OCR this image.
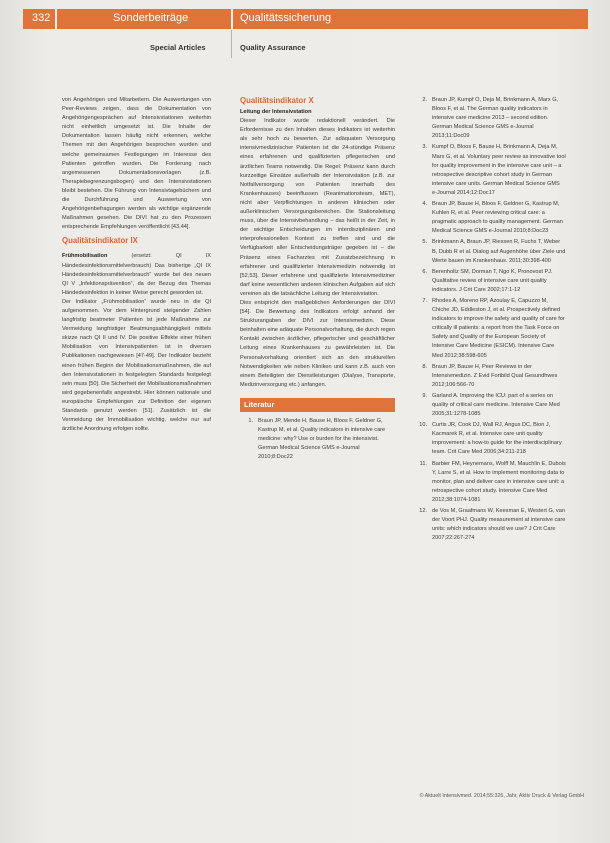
332	Sonderbeiträge	Qualitätssicherung
Special Articles	Quality Assurance

von Angehörigen und Mitarbeitern. Die Auswertungen von Peer-Reviews zeigen, dass die Dokumentation von Angehörigengesprächen auf Intensivstationen weiterhin nicht einheitlich umgesetzt ist. Die Inhalte der Dokumentation lassen häufig nicht erkennen, welche Themen mit den Angehörigen besprochen wurden und welche gemeinsamen Festlegungen im Interesse des Patienten getroffen wurden. Die Forderung nach angemessenen Dokumentationsvorlagen (z.B. Therapiebegrenzungsbogen) und den Intensivstationen bleibt bestehen. Die Führung von Intensivtagebüchern und die Durchführung und Auswertung von Angehörigenbefragungen werden als wichtige ergänzende Maßnahmen gesehen. Die DIVI hat zu den Prozessen entsprechende Empfehlungen veröffentlicht [43,44].

Qualitätsindikator IX

Frühmobilisation (ersetzt: QI IX Händedesinfektionsmittelverbrauch) Das bisherige „QI IX Händedesinfektionsmittelverbrauch“ wurde bei des neuen QI V „Infektionsprävention“, da der Bezug des Themas Händedesinfektion in keiner Weise gerecht geworden ist.

Der Indikator „Frühmobilisation“ wurde neu in die QI aufgenommen. Vor dem Hintergrund steigender Zahlen langfristig beatmeter Patienten ist jede Maßnahme zur Vermeidung langfristiger Beatmungsabhängigkeit mittels skizze nach QI II und IV. Die positive Effekte einer frühen Mobilisation von Intensivpatienten ist in diversen Publikationen nachgewiesen [47-49]. Der Indikator bezieht einen frühen Beginn der Mobilisationsmaßnahmen, die auf den Intensivstationen in festgelegten Standards festgelegt sein muss [50]. Die Sicherheit der Mobilisationsmaßnahmen wird gegebenenfalls angestrebt. Hier können nationale und europäische Empfehlungen zur Definition der eigenen Standards genutzt werden [51]. Zusätzlich ist die Vermeidung der Immobilisation wichtig, welche nur auf ärztliche Anordnung erfolgen sollte.

Qualitätsindikator X

Leitung der Intensivstation

Dieser Indikator wurde redaktionell verändert. Die Erfordernisse zu den Inhalten dieses Indikators ist weiterhin als sehr hoch zu bewerten. Zur adäquaten Versorgung intensivmedizinischer Patienten ist die 24-stündige Präsenz eines erfahrenen und qualifizierten pflegerischen und ärztlichen Teams notwendig. Die Regel: Präsenz kann durch kurzzeitige Einsätze außerhalb der Intensivstation (z.B. zur Notfallversorgung von Patienten innerhalb des Krankenhauses) beeinflussen (Reanimationsteam, MET), nicht aber Verpflichtungen in anderen klinischen oder außerklinischen Versorgungsbereichen. Die Stationsleitung muss, über die Intensivbehandlung – das heißt in der Zeit, in der wichtige Entscheidungen im interdisziplinären und interprofessionellen Kontext zu treffen sind und die Verfügbarkeit aller Entscheidungsträger gegeben ist – die Präsenz eines Facharztes mit Zusatzbezeichnung in erfahrener und qualifizierter Intensivmedizin notwendig ist [52,53]. Dieser erfahrene und qualifizierte Intensivmediziner darf keine wesentlichen anderen klinischen Aufgaben auf sich vereinen als die tatsächliche Leitung der Intensivstation.

Dies entspricht den maßgeblichen Anforderungen der DIVI [54]. Die Bewertung des Indikators erfolgt anhand der Strukturangaben der DIVI zur Intensivmedizin. Diese beinhalten eine adäquate Personalvorhaltung, die durch regen Kontakt zwischen ärztlicher, pflegerischer und geschäftlicher Leitung eines Krankenhauses zu gewährleisten ist. Die Personalvorhaltung orientiert sich an den strukturellen Notwendigkeiten wie neben Kliniken und kann z.B. auch von einem Beteiligten der Dienstleistungen (Dialyse, Transporte, Medizinversorgung etc.) anfangen.

Literatur
1. Braun JP, Mende H, Bause H, Bloos F, Geldner G, Kastrup M, et al. Quality indicators in intensive care medicine: why? Use or burden for the intensivist. German Medical Science GMS e-Journal 2010;8:Doc22
2. Braun JP, Kumpf O, Deja M, Brinkmann A, Marx G, Bloos F, et al. The German quality indicators in intensive care medicine 2013 – second edition. German Medical Science GMS e-Journal 2013;11:Doc09
3. Kumpf O, Bloos F, Bause H, Brinkmann A, Deja M, Marx G, et al. Voluntary peer review as innovative tool for quality improvement in the intensive care unit – a retrospective descriptive cohort study in German intensive care units. German Medical Science GMS e-Journal 2014;12:Doc17
4. Braun JP, Bause H, Bloos F, Geldner G, Kastrup M, Kuhlen R, et al. Peer reviewing critical care: a pragmatic approach to quality management. German Medical Science GMS e-Journal 2010;8:Doc23
5. Brinkmann A, Braun JP, Riessen R, Fuchs T, Weber B, Dubb R et al. Dialog auf Augenhöhe über Ziele und Werte bauen im Krankenhaus. 2011;30:398-400
6. Berenholtz SM, Dorman T, Ngo K, Pronovost PJ. Qualitative review of intensive care unit quality indicators. J Crit Care 2002;17:1-12
7. Rhodes A, Moreno RP, Azoulay E, Capuzzo M, Chiche JD, Eddleston J, et al. Prospectively defined indicators to improve the safety and quality of care for critically ill patients: a report from the Task Force on Safety and Quality of the European Society of Intensive Care Medicine (ESICM). Intensive Care Med 2012;38:598-605
8. Braun JP, Bause H, Peer Reviews in der Intensivmedizin. Z Evid Fortbild Qual Gesundhwes 2012;106:566-70
9. Garland A. Improving the ICU: part of a series on quality of critical care medicine. Intensive Care Med 2005;31:1278-1085
10. Curtis JR, Cook DJ, Wall RJ, Angus DC, Bion J, Kacmarek R, et al. Intensive care unit quality improvement: a how-to guide for the interdisciplinary team. Crit Care Med 2006;34:211-218
11. Barbier FM, Heynemans, Wolff M, Mauchlin E, Dubois Y, Larre S, et al. How to implement monitoring data to monitor, plan and deliver care in intensive care unit: a retrospective cohort study. Intensive Care Med 2012;38:1074-1081
12. de Vos M, Graafmans W, Keesman E, Westert G, van der Voort PHJ. Quality measurement at intensive care units: which indicators should we use? J Crit Care 2007;22:267-274
© Aktuelt Intensivmed. 2014;55:326, Jahr, Aktiv Druck & Verlag GmbH
